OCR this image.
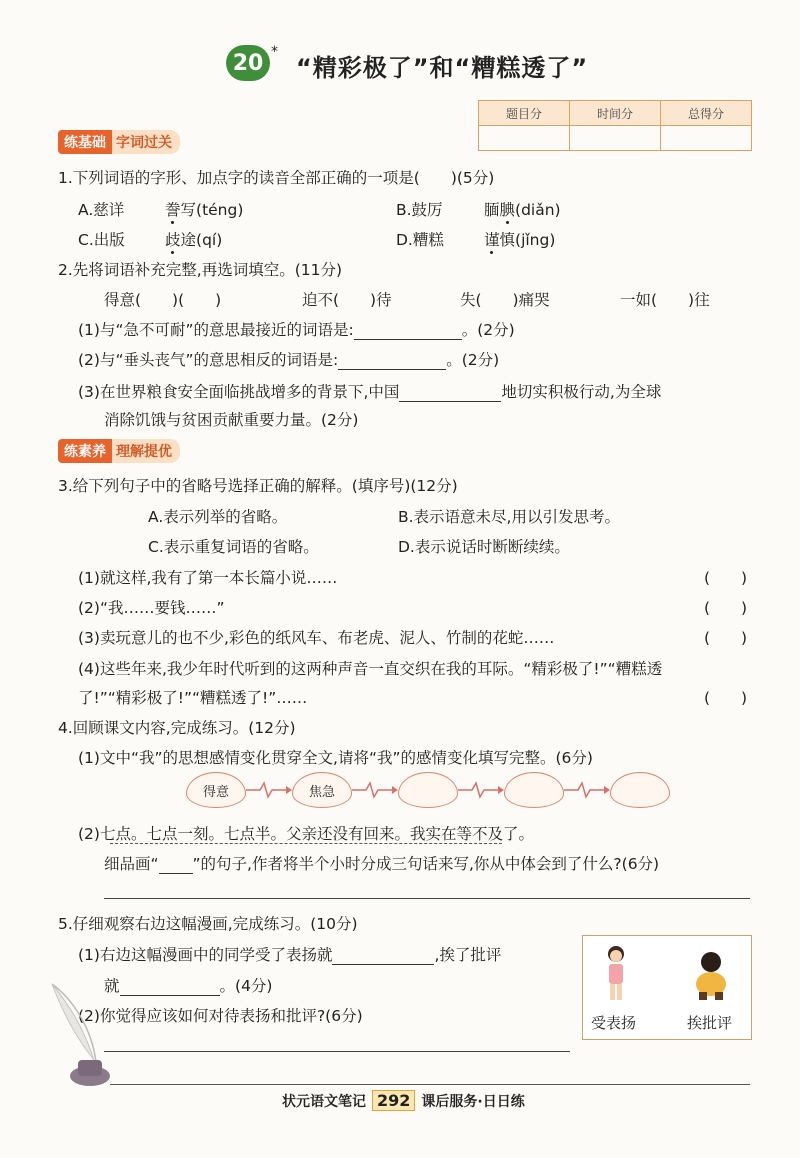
20 *
“精彩极了”和“糟糕透了”
题目分	时间分	总得分

练基础 字词过关
1.下列词语的字形、加点字的读音全部正确的一项是(　　)(5分)
A.慈详	誊写(téng)	B.鼓厉	腼腆(diǎn)
C.出版	歧途(qí)	D.糟糕	谨慎(jǐng)
2.先将词语补充完整,再选词填空。(11分)
得意(　　)(　　)	迫不(　　)待	失(　　)痛哭	一如(　　)往
(1)与“急不可耐”的意思最接近的词语是:	。(2分)
(2)与“垂头丧气”的意思相反的词语是:	。(2分)
(3)在世界粮食安全面临挑战增多的背景下,中国	地切实积极行动,为全球
消除饥饿与贫困贡献重要力量。(2分)
练素养 理解提优
3.给下列句子中的省略号选择正确的解释。(填序号)(12分)
A.表示列举的省略。	B.表示语意未尽,用以引发思考。
C.表示重复词语的省略。	D.表示说话时断断续续。
(1)就这样,我有了第一本长篇小说……	(　　)
(2)“我……要钱……”	(　　)
(3)卖玩意儿的也不少,彩色的纸风车、布老虎、泥人、竹制的花蛇……	(　　)
(4)这些年来,我少年时代听到的这两种声音一直交织在我的耳际。“精彩极了!”“糟糕透
了!”“精彩极了!”“糟糕透了!”……	(　　)
4.回顾课文内容,完成练习。(12分)
(1)文中“我”的思想感情变化贯穿全文,请将“我”的感情变化填写完整。(6分)
得意	焦急
(2)七点。七点一刻。七点半。父亲还没有回来。我实在等不及了。
细品画“ ”的句子,作者将半个小时分成三句话来写,你从中体会到了什么?(6分)
5.仔细观察右边这幅漫画,完成练习。(10分)
(1)右边这幅漫画中的同学受了表扬就	,挨了批评
就	。(4分)
(2)你觉得应该如何对待表扬和批评?(6分)	受表扬	挨批评
状元语文笔记 292 课后服务·日日练
